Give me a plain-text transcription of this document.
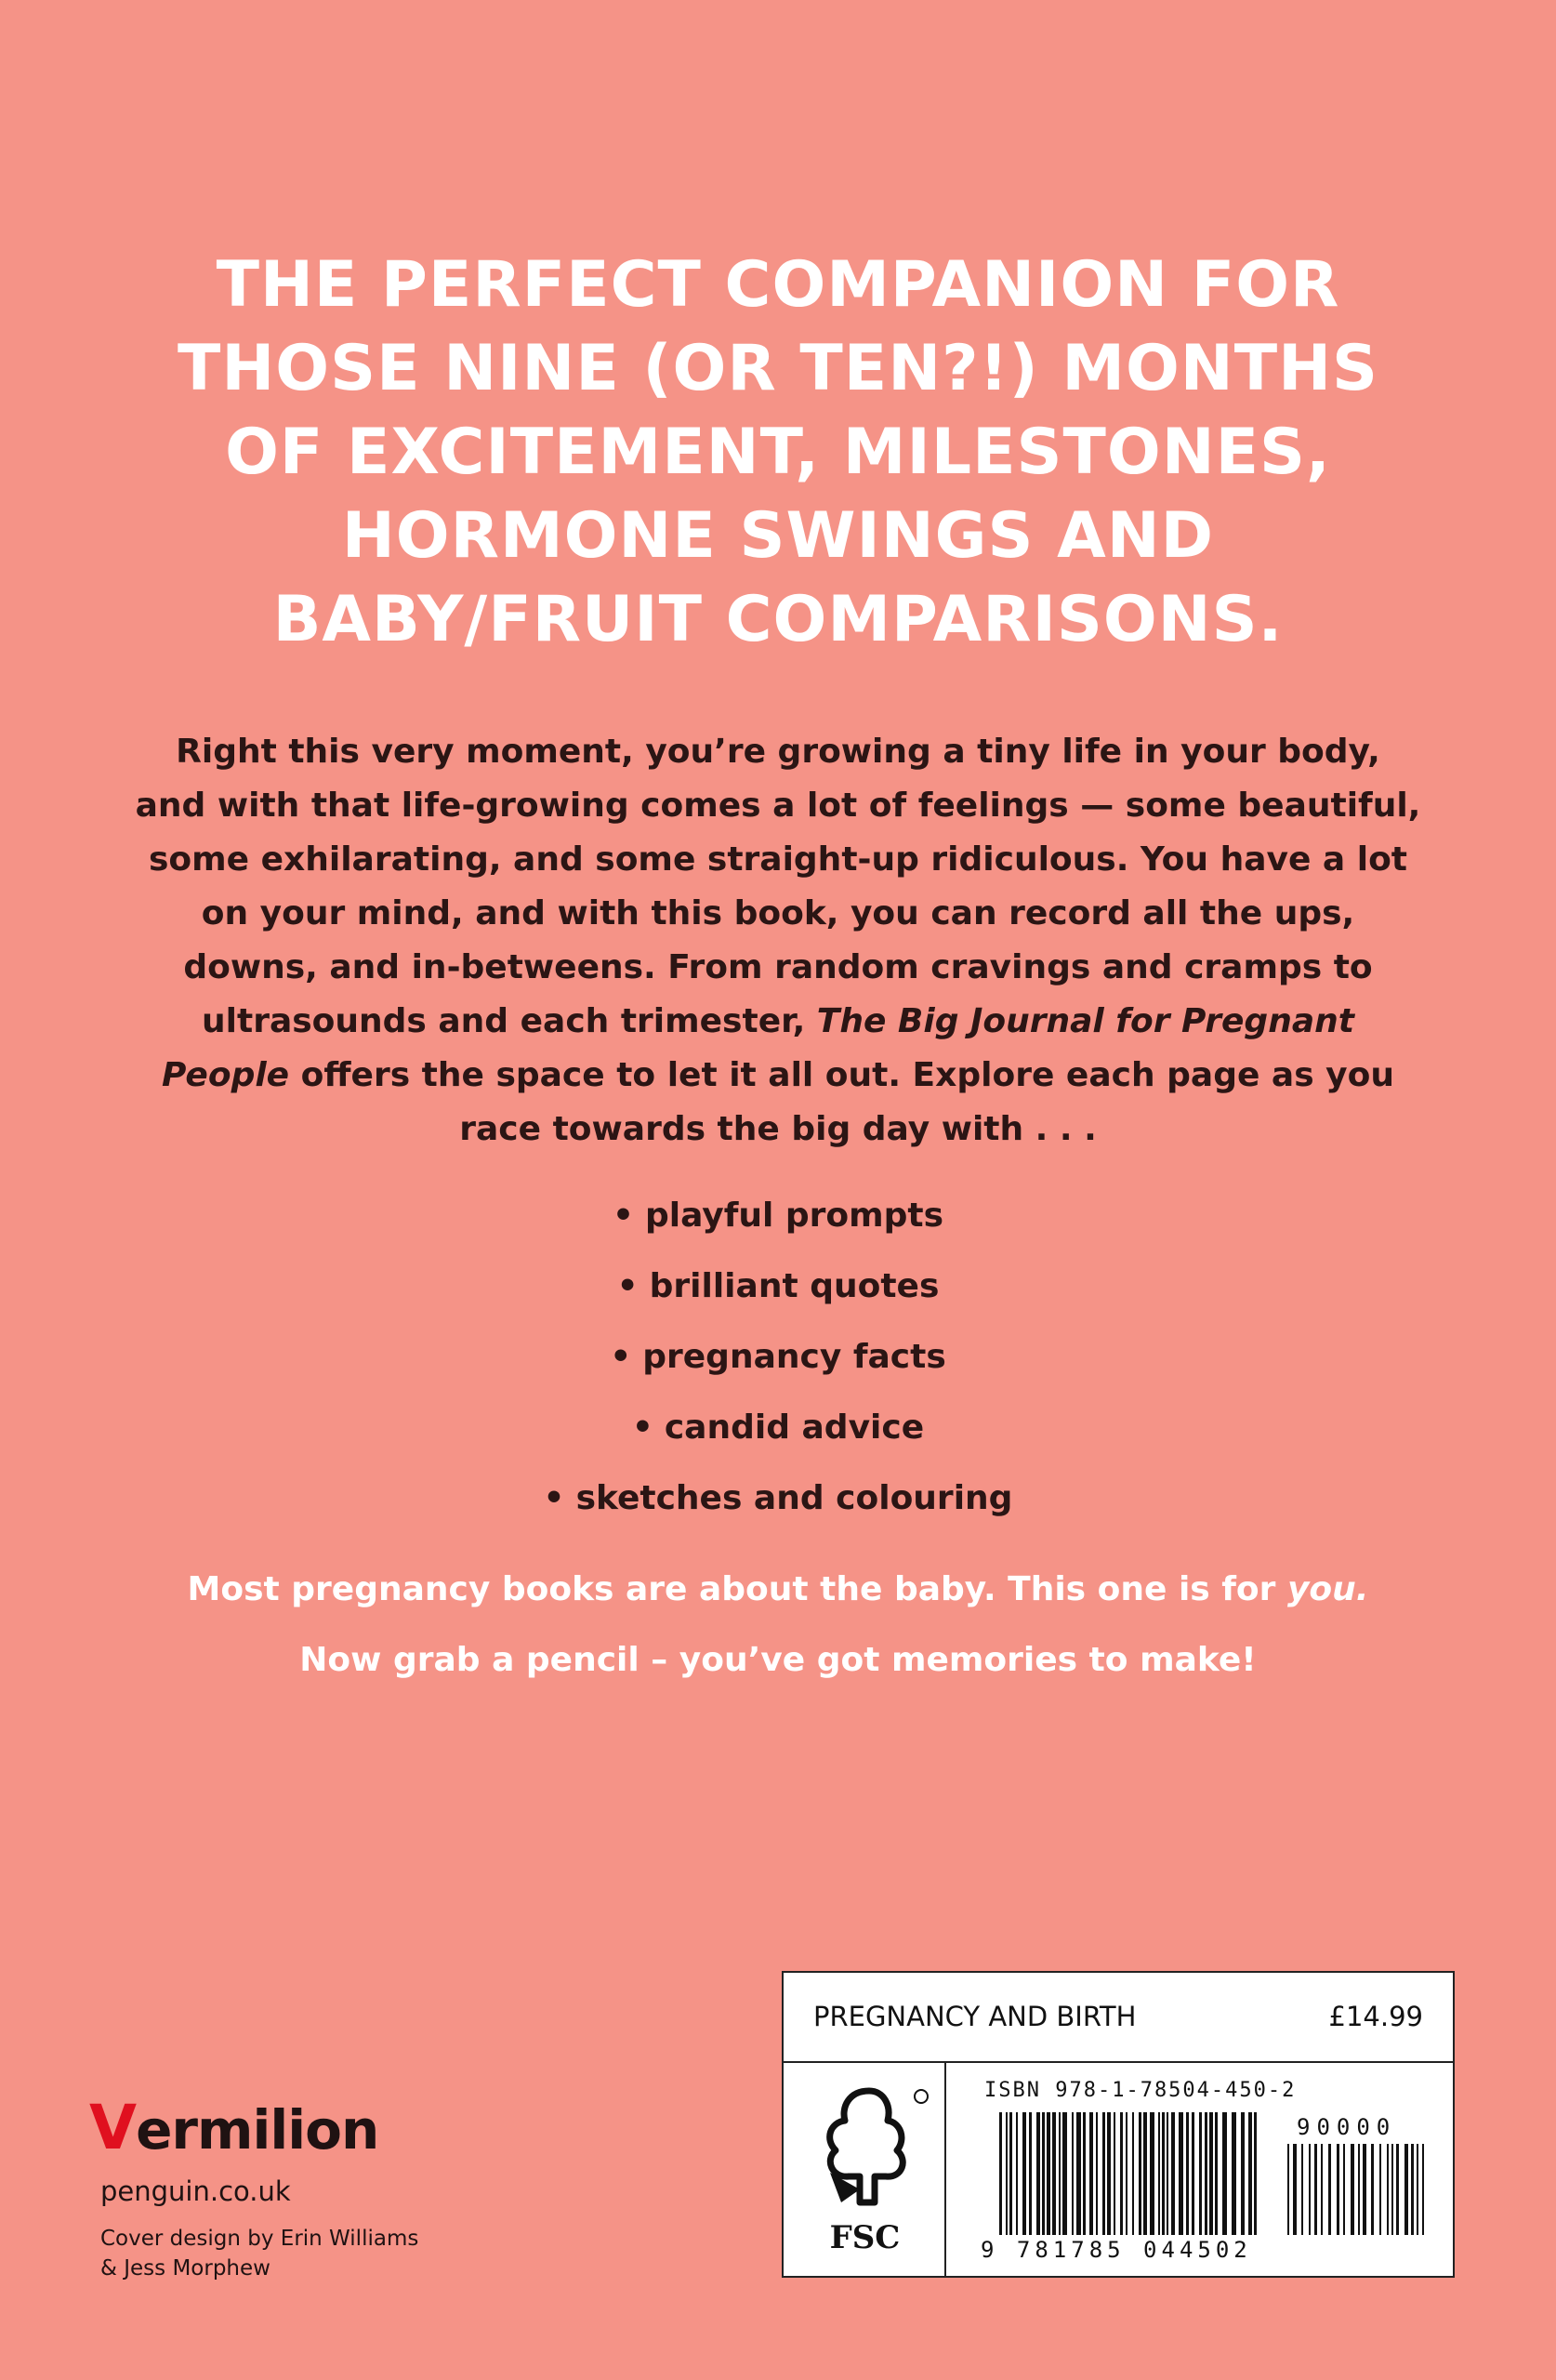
THE PERFECT COMPANION FOR
THOSE NINE (OR TEN?!) MONTHS
OF EXCITEMENT, MILESTONES,
HORMONE SWINGS AND
BABY/FRUIT COMPARISONS.
Right this very moment, you’re growing a tiny life in your body,
and with that life-growing comes a lot of feelings — some beautiful,
some exhilarating, and some straight-up ridiculous. You have a lot
on your mind, and with this book, you can record all the ups,
downs, and in-betweens. From random cravings and cramps to
ultrasounds and each trimester, The Big Journal for Pregnant
People offers the space to let it all out. Explore each page as you
race towards the big day with . . .
• playful prompts
• brilliant quotes
• pregnancy facts
• candid advice
• sketches and colouring
Most pregnancy books are about the baby. This one is for you.
Now grab a pencil – you’ve got memories to make!
Vermilion
penguin.co.uk
Cover design by Erin Williams
& Jess Morphew
PREGNANCY AND BIRTH	£14.99
FSC
ISBN 978-1-78504-450-2
90000
9 781785 044502
